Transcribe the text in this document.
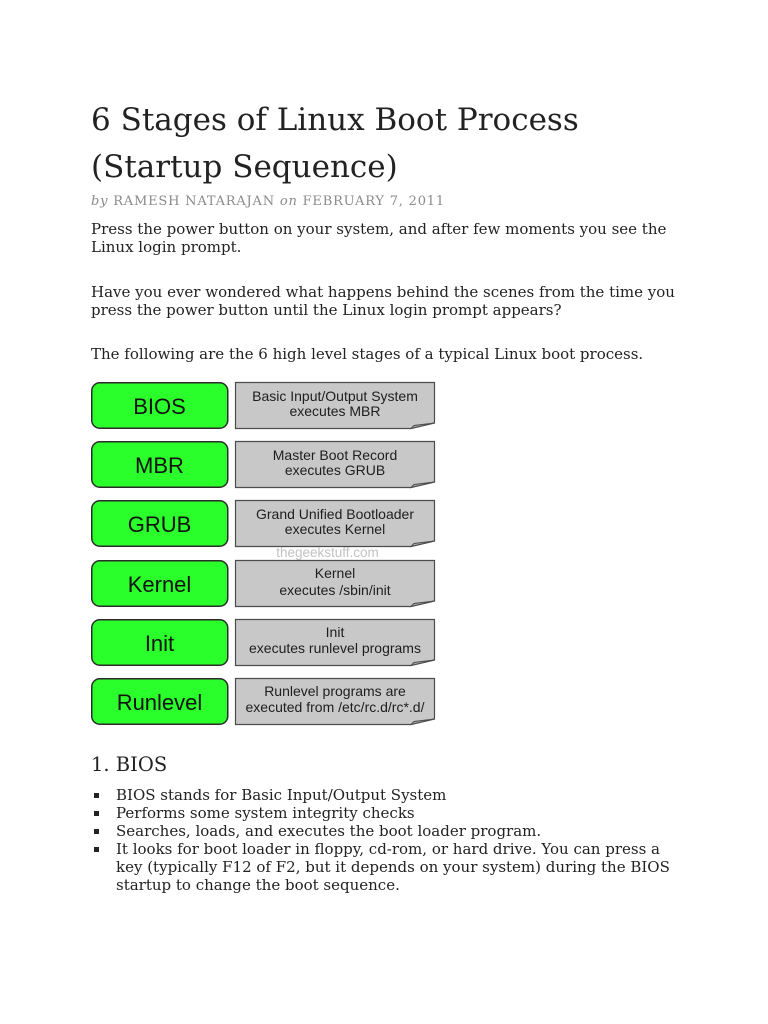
6 Stages of Linux Boot Process (Startup Sequence)

by RAMESH NATARAJAN on FEBRUARY 7, 2011

Press the power button on your system, and after few moments you see the Linux login prompt.

Have you ever wondered what happens behind the scenes from the time you press the power button until the Linux login prompt appears?

The following are the 6 high level stages of a typical Linux boot process.

BIOS	Basic Input/Output System
executes MBR
MBR	Master Boot Record
executes GRUB
GRUB	Grand Unified Bootloader
executes Kernel
thegeekstuff.com
Kernel	Kernel
executes /sbin/init
Init	Init
executes runlevel programs
Runlevel	Runlevel programs are
executed from /etc/rc.d/rc*.d/
1. BIOS
BIOS stands for Basic Input/Output System
Performs some system integrity checks
Searches, loads, and executes the boot loader program.
It looks for boot loader in floppy, cd-rom, or hard drive. You can press a key (typically F12 of F2, but it depends on your system) during the BIOS startup to change the boot sequence.
